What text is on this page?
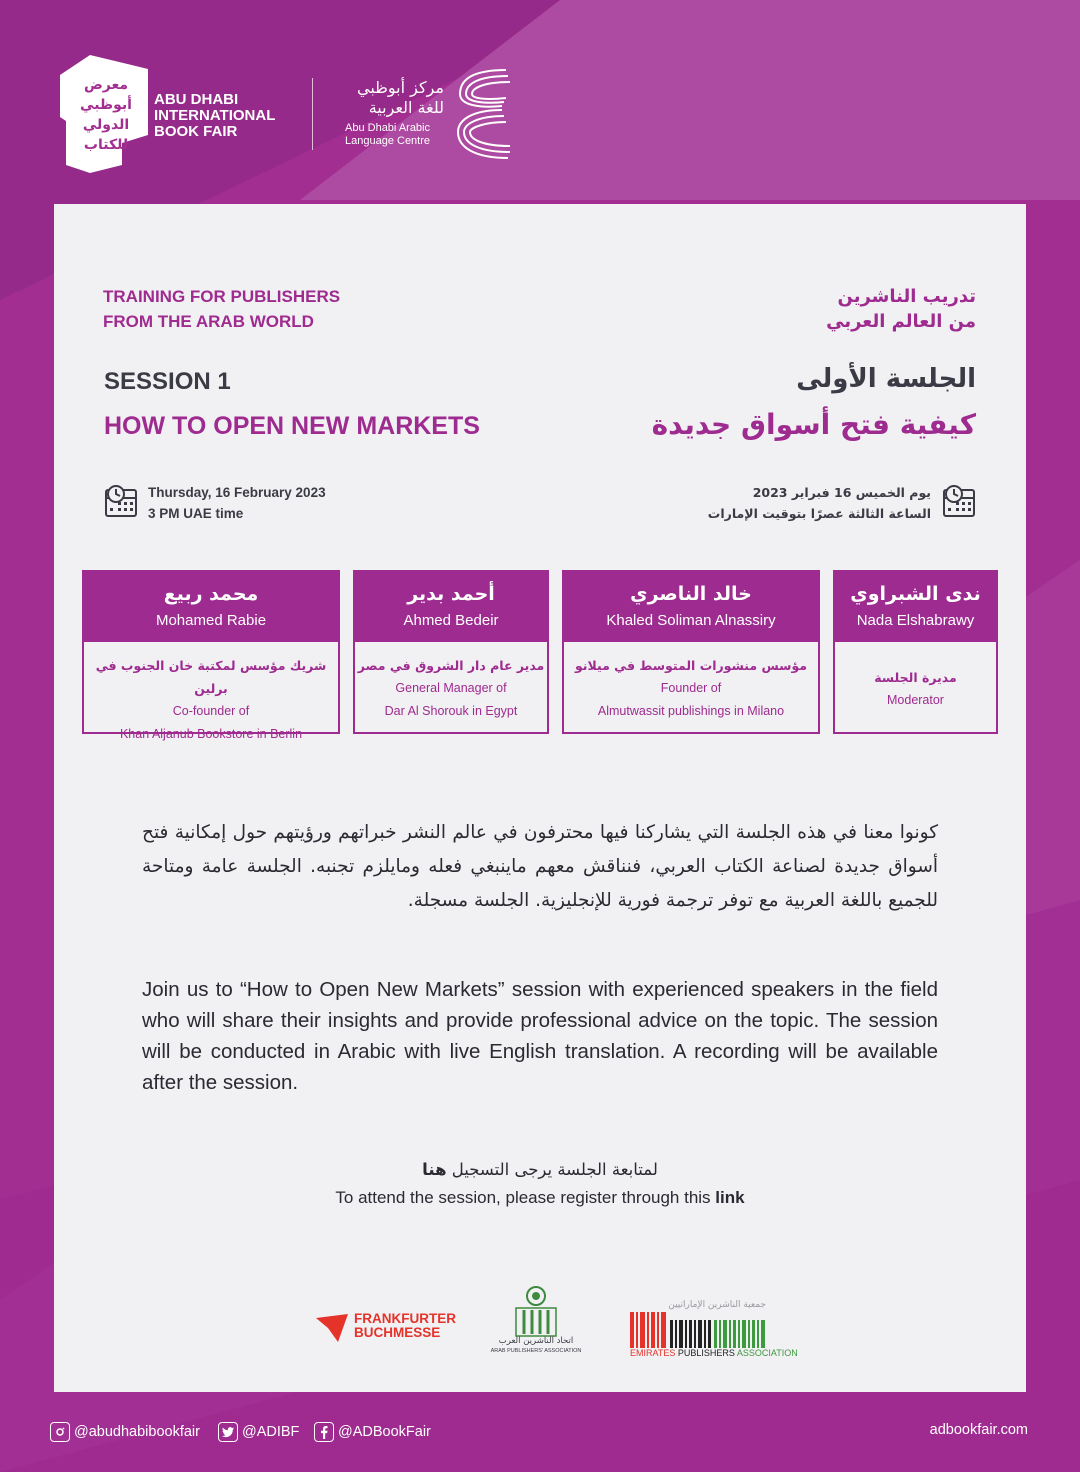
معرض
أبوظبي
الدولي
للكتاب
ABU DHABI
INTERNATIONAL
BOOK FAIR
مركز أبوظبي
للغة العربية
Abu Dhabi Arabic
Language Centre
TRAINING FOR PUBLISHERS
FROM THE ARAB WORLD
تدريب الناشرين
من العالم العربي
SESSION 1
HOW TO OPEN NEW MARKETS
الجلسة الأولى
كيفية فتح أسواق جديدة
Thursday, 16 February 2023
3 PM UAE time
يوم الخميس 16 فبراير 2023
الساعة الثالثة عصرًا بتوقيت الإمارات
محمد ربيع
Mohamed Rabie
شريك مؤسس لمكتبة خان الجنوب في برلين
Co-founder of
Khan Aljanub Bookstore in Berlin
أحمد بدير
Ahmed Bedeir
مدير عام دار الشروق في مصر
General Manager of
Dar Al Shorouk in Egypt
خالد الناصري
Khaled Soliman Alnassiry
مؤسس منشورات المتوسط في ميلانو
Founder of
Almutwassit publishings in Milano
ندى الشبراوي
Nada Elshabrawy
مديرة الجلسة
Moderator
كونوا معنا في هذه الجلسة التي يشاركنا فيها محترفون في عالم النشر خبراتهم ورؤيتهم حول إمكانية فتح أسواق جديدة لصناعة الكتاب العربي، فنناقش معهم ماينبغي فعله ومايلزم تجنبه. الجلسة عامة ومتاحة للجميع باللغة العربية مع توفر ترجمة فورية للإنجليزية. الجلسة مسجلة.
Join us to “How to Open New Markets” session with experienced speakers in the field who will share their insights and provide professional advice on the topic. The session will be conducted in Arabic with live English translation. A recording will be available after the session.
لمتابعة الجلسة يرجى التسجيل هنا
To attend the session, please register through this link
FRANKFURTER
BUCHMESSE
اتحاد الناشرين العرب
ARAB PUBLISHERS' ASSOCIATION
جمعية الناشرين الإماراتيين
EMIRATES PUBLISHERS ASSOCIATION
@abudhabibookfair	@ADIBF	@ADBookFair	adbookfair.com
